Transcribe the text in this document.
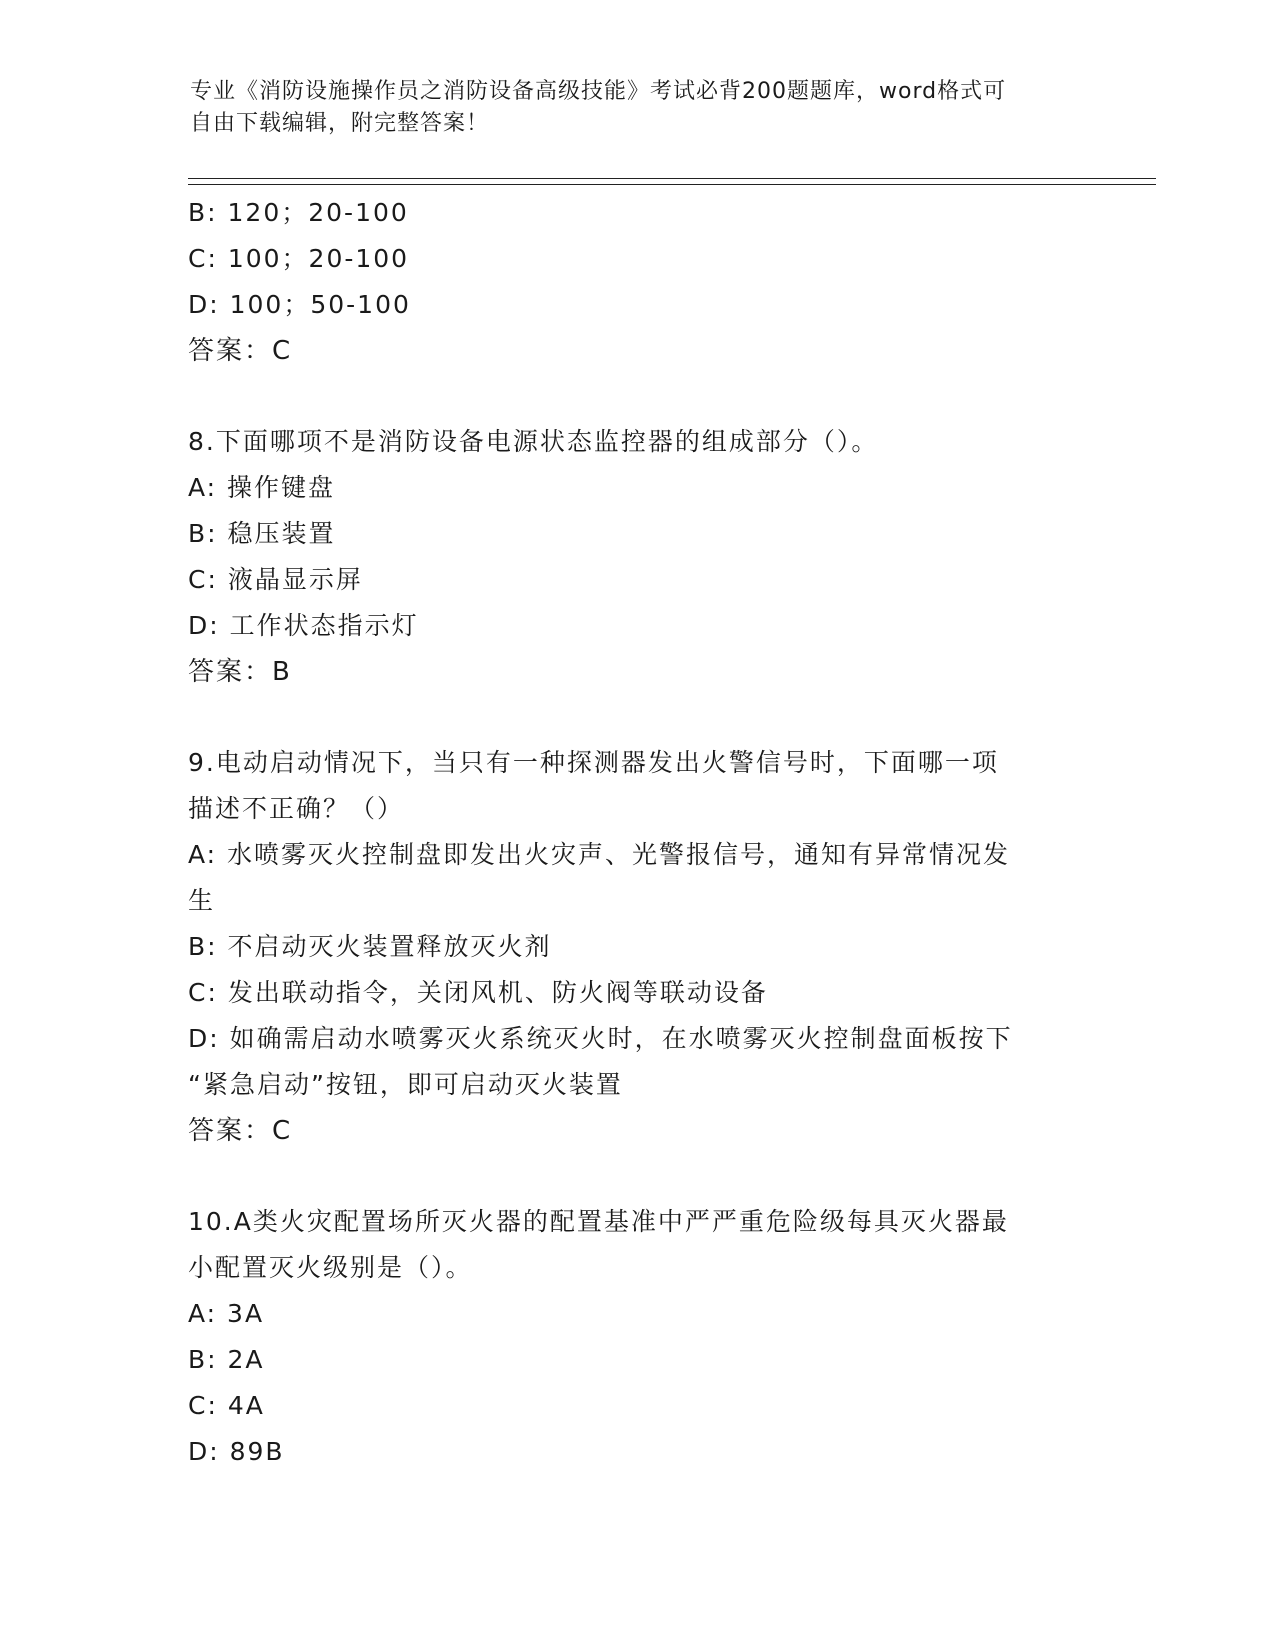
专业《消防设施操作员之消防设备高级技能》考试必背200题题库，word格式可
自由下载编辑，附完整答案！
B: 120；20-100
C: 100；20-100
D: 100；50-100
答案：C
8.下面哪项不是消防设备电源状态监控器的组成部分（）。
A: 操作键盘
B: 稳压装置
C: 液晶显示屏
D: 工作状态指示灯
答案：B
9.电动启动情况下，当只有一种探测器发出火警信号时，下面哪一项
描述不正确？（）
A: 水喷雾灭火控制盘即发出火灾声、光警报信号，通知有异常情况发
生
B: 不启动灭火装置释放灭火剂
C: 发出联动指令，关闭风机、防火阀等联动设备
D: 如确需启动水喷雾灭火系统灭火时，在水喷雾灭火控制盘面板按下
“紧急启动”按钮，即可启动灭火装置
答案：C
10.A类火灾配置场所灭火器的配置基准中严严重危险级每具灭火器最
小配置灭火级别是（）。
A: 3A
B: 2A
C: 4A
D: 89B
